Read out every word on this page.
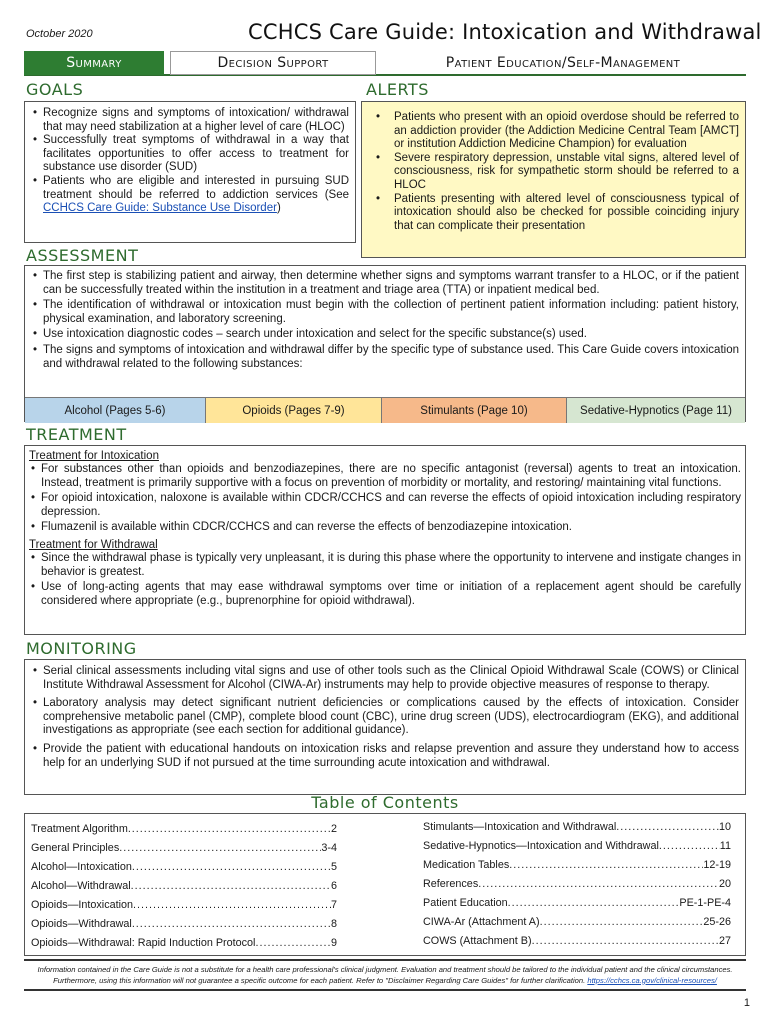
October 2020	CCHCS Care Guide: Intoxication and Withdrawal
Summary	Decision Support	Patient Education/Self-Management
GOALS
• Recognize signs and symptoms of intoxication/ withdrawal that may need stabilization at a higher level of care (HLOC)
• Successfully treat symptoms of withdrawal in a way that facilitates opportunities to offer access to treatment for substance use disorder (SUD)
• Patients who are eligible and interested in pursuing SUD treatment should be referred to addiction services (See CCHCS Care Guide: Substance Use Disorder)
ALERTS
• Patients who present with an opioid overdose should be referred to an addiction provider (the Addiction Medicine Central Team [AMCT] or institution Addiction Medicine Champion) for evaluation
• Severe respiratory depression, unstable vital signs, altered level of consciousness, risk for sympathetic storm should be referred to a HLOC
• Patients presenting with altered level of consciousness typical of intoxication should also be checked for possible coinciding injury that can complicate their presentation
ASSESSMENT
• The first step is stabilizing patient and airway, then determine whether signs and symptoms warrant transfer to a HLOC, or if the patient can be successfully treated within the institution in a treatment and triage area (TTA) or inpatient medical bed.
• The identification of withdrawal or intoxication must begin with the collection of pertinent patient information including: patient history, physical examination, and laboratory screening.
• Use intoxication diagnostic codes – search under intoxication and select for the specific substance(s) used.
• The signs and symptoms of intoxication and withdrawal differ by the specific type of substance used. This Care Guide covers intoxication and withdrawal related to the following substances:
Alcohol (Pages 5-6)	Opioids (Pages 7-9)	Stimulants (Page 10)	Sedative-Hypnotics (Page 11)
TREATMENT
Treatment for Intoxication
• For substances other than opioids and benzodiazepines, there are no specific antagonist (reversal) agents to treat an intoxication. Instead, treatment is primarily supportive with a focus on prevention of morbidity or mortality, and restoring/ maintaining vital functions.
• For opioid intoxication, naloxone is available within CDCR/CCHCS and can reverse the effects of opioid intoxication including respiratory depression.
• Flumazenil is available within CDCR/CCHCS and can reverse the effects of benzodiazepine intoxication.
Treatment for Withdrawal
• Since the withdrawal phase is typically very unpleasant, it is during this phase where the opportunity to intervene and instigate changes in behavior is greatest.
• Use of long-acting agents that may ease withdrawal symptoms over time or initiation of a replacement agent should be carefully considered where appropriate (e.g., buprenorphine for opioid withdrawal).
MONITORING
• Serial clinical assessments including vital signs and use of other tools such as the Clinical Opioid Withdrawal Scale (COWS) or Clinical Institute Withdrawal Assessment for Alcohol (CIWA-Ar) instruments may help to provide objective measures of response to therapy.
• Laboratory analysis may detect significant nutrient deficiencies or complications caused by the effects of intoxication. Consider comprehensive metabolic panel (CMP), complete blood count (CBC), urine drug screen (UDS), electrocardiogram (EKG), and additional investigations as appropriate (see each section for additional guidance).
• Provide the patient with educational handouts on intoxication risks and relapse prevention and assure they understand how to access help for an underlying SUD if not pursued at the time surrounding acute intoxication and withdrawal.
Table of Contents
Treatment Algorithm .....	2
General Principles .....	3-4
Alcohol—Intoxication .....	5
Alcohol—Withdrawal .....	6
Opioids—Intoxication .....	7
Opioids—Withdrawal .....	8
Opioids—Withdrawal: Rapid Induction Protocol .....	9
Stimulants—Intoxication and Withdrawal .....	10
Sedative-Hypnotics—Intoxication and Withdrawal .....	11
Medication Tables .....	12-19
References .....	20
Patient Education .....	PE-1-PE-4
CIWA-Ar (Attachment A) .....	25-26
COWS (Attachment B) .....	27
Information contained in the Care Guide is not a substitute for a health care professional's clinical judgment. Evaluation and treatment should be tailored to the individual patient and the clinical circumstances. Furthermore, using this information will not guarantee a specific outcome for each patient. Refer to "Disclaimer Regarding Care Guides" for further clarification. https://cchcs.ca.gov/clinical-resources/
1
